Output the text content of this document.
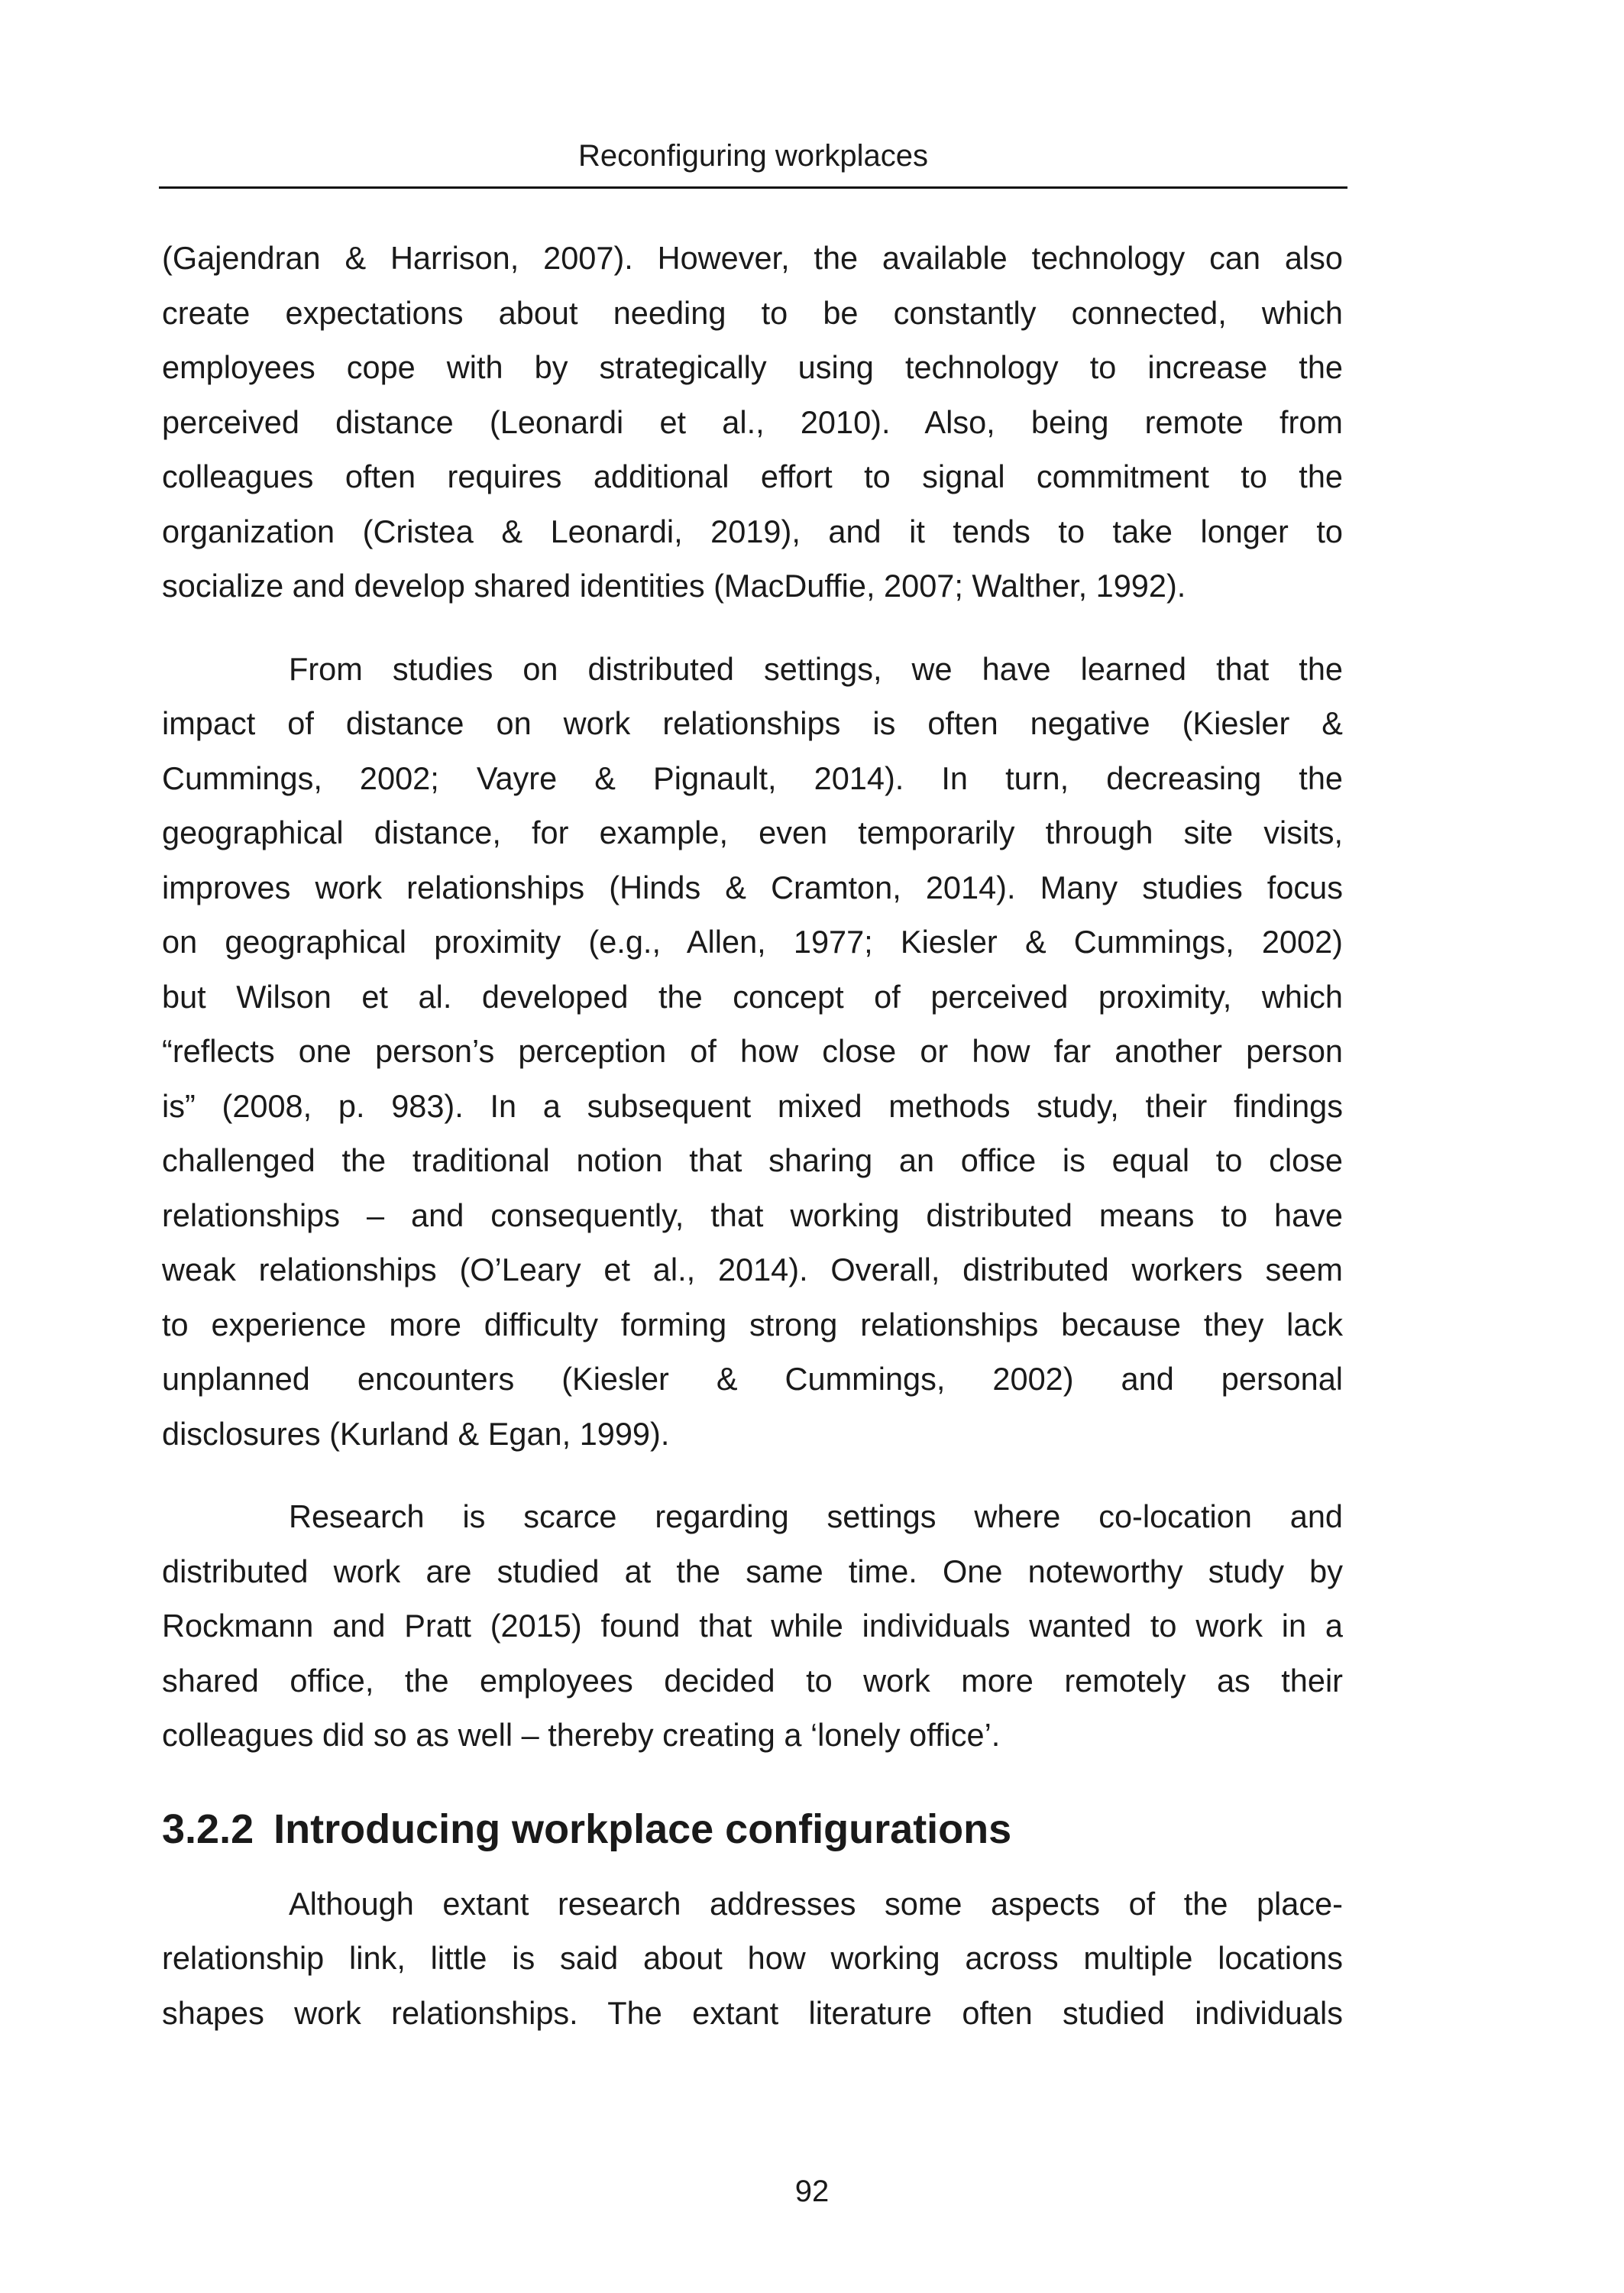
Reconfiguring workplaces
(Gajendran & Harrison, 2007). However, the available technology can also
create expectations about needing to be constantly connected, which
employees cope with by strategically using technology to increase the
perceived distance (Leonardi et al., 2010). Also, being remote from
colleagues often requires additional effort to signal commitment to the
organization (Cristea & Leonardi, 2019), and it tends to take longer to
socialize and develop shared identities (MacDuffie, 2007; Walther, 1992).
From studies on distributed settings, we have learned that the
impact of distance on work relationships is often negative (Kiesler &
Cummings, 2002; Vayre & Pignault, 2014). In turn, decreasing the
geographical distance, for example, even temporarily through site visits,
improves work relationships (Hinds & Cramton, 2014). Many studies focus
on geographical proximity (e.g., Allen, 1977; Kiesler & Cummings, 2002)
but Wilson et al. developed the concept of perceived proximity, which
“reflects one person’s perception of how close or how far another person
is” (2008, p. 983). In a subsequent mixed methods study, their findings
challenged the traditional notion that sharing an office is equal to close
relationships – and consequently, that working distributed means to have
weak relationships (O’Leary et al., 2014). Overall, distributed workers seem
to experience more difficulty forming strong relationships because they lack
unplanned encounters (Kiesler & Cummings, 2002) and personal
disclosures (Kurland & Egan, 1999).
Research is scarce regarding settings where co-location and
distributed work are studied at the same time. One noteworthy study by
Rockmann and Pratt (2015) found that while individuals wanted to work in a
shared office, the employees decided to work more remotely as their
colleagues did so as well – thereby creating a ‘lonely office’.
3.2.2 Introducing workplace configurations
Although extant research addresses some aspects of the place-
relationship link, little is said about how working across multiple locations
shapes work relationships. The extant literature often studied individuals
92
